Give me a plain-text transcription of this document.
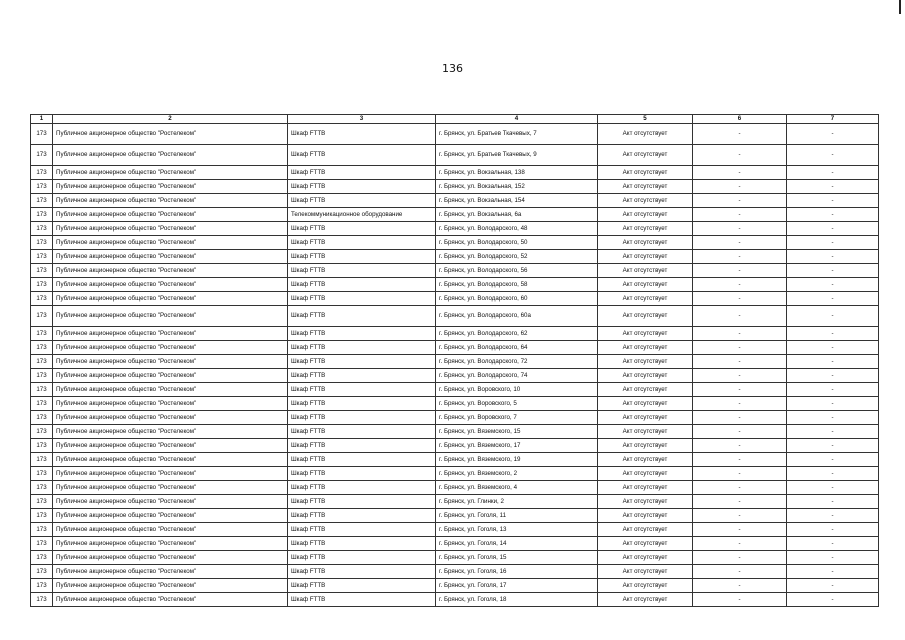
136
1	2	3	4	5	6	7
173	Публичное акционерное общество "Ростелеком"	Шкаф FTTB	г. Брянск, ул. Братьев Ткачевых, 7	Акт отсутствует	-	-
173	Публичное акционерное общество "Ростелеком"	Шкаф FTTB	г. Брянск, ул. Братьев Ткачевых, 9	Акт отсутствует	-	-
173	Публичное акционерное общество "Ростелеком"	Шкаф FTTB	г. Брянск, ул. Вокзальная, 138	Акт отсутствует	-	-
173	Публичное акционерное общество "Ростелеком"	Шкаф FTTB	г. Брянск, ул. Вокзальная, 152	Акт отсутствует	-	-
173	Публичное акционерное общество "Ростелеком"	Шкаф FTTB	г. Брянск, ул. Вокзальная, 154	Акт отсутствует	-	-
173	Публичное акционерное общество "Ростелеком"	Телекоммуникационное оборудование	г. Брянск, ул. Вокзальная, 6а	Акт отсутствует	-	-
173	Публичное акционерное общество "Ростелеком"	Шкаф FTTB	г. Брянск, ул. Володарского, 48	Акт отсутствует	-	-
173	Публичное акционерное общество "Ростелеком"	Шкаф FTTB	г. Брянск, ул. Володарского, 50	Акт отсутствует	-	-
173	Публичное акционерное общество "Ростелеком"	Шкаф FTTB	г. Брянск, ул. Володарского, 52	Акт отсутствует	-	-
173	Публичное акционерное общество "Ростелеком"	Шкаф FTTB	г. Брянск, ул. Володарского, 56	Акт отсутствует	-	-
173	Публичное акционерное общество "Ростелеком"	Шкаф FTTB	г. Брянск, ул. Володарского, 58	Акт отсутствует	-	-
173	Публичное акционерное общество "Ростелеком"	Шкаф FTTB	г. Брянск, ул. Володарского, 60	Акт отсутствует	-	-
173	Публичное акционерное общество "Ростелеком"	Шкаф FTTB	г. Брянск, ул. Володарского, 60а	Акт отсутствует	-	-
173	Публичное акционерное общество "Ростелеком"	Шкаф FTTB	г. Брянск, ул. Володарского, 62	Акт отсутствует	-	-
173	Публичное акционерное общество "Ростелеком"	Шкаф FTTB	г. Брянск, ул. Володарского, 64	Акт отсутствует	-	-
173	Публичное акционерное общество "Ростелеком"	Шкаф FTTB	г. Брянск, ул. Володарского, 72	Акт отсутствует	-	-
173	Публичное акционерное общество "Ростелеком"	Шкаф FTTB	г. Брянск, ул. Володарского, 74	Акт отсутствует	-	-
173	Публичное акционерное общество "Ростелеком"	Шкаф FTTB	г. Брянск, ул. Воровского, 10	Акт отсутствует	-	-
173	Публичное акционерное общество "Ростелеком"	Шкаф FTTB	г. Брянск, ул. Воровского, 5	Акт отсутствует	-	-
173	Публичное акционерное общество "Ростелеком"	Шкаф FTTB	г. Брянск, ул. Воровского, 7	Акт отсутствует	-	-
173	Публичное акционерное общество "Ростелеком"	Шкаф FTTB	г. Брянск, ул. Вяземского, 15	Акт отсутствует	-	-
173	Публичное акционерное общество "Ростелеком"	Шкаф FTTB	г. Брянск, ул. Вяземского, 17	Акт отсутствует	-	-
173	Публичное акционерное общество "Ростелеком"	Шкаф FTTB	г. Брянск, ул. Вяземского, 19	Акт отсутствует	-	-
173	Публичное акционерное общество "Ростелеком"	Шкаф FTTB	г. Брянск, ул. Вяземского, 2	Акт отсутствует	-	-
173	Публичное акционерное общество "Ростелеком"	Шкаф FTTB	г. Брянск, ул. Вяземского, 4	Акт отсутствует	-	-
173	Публичное акционерное общество "Ростелеком"	Шкаф FTTB	г. Брянск, ул. Глинки, 2	Акт отсутствует	-	-
173	Публичное акционерное общество "Ростелеком"	Шкаф FTTB	г. Брянск, ул. Гоголя, 11	Акт отсутствует	-	-
173	Публичное акционерное общество "Ростелеком"	Шкаф FTTB	г. Брянск, ул. Гоголя, 13	Акт отсутствует	-	-
173	Публичное акционерное общество "Ростелеком"	Шкаф FTTB	г. Брянск, ул. Гоголя, 14	Акт отсутствует	-	-
173	Публичное акционерное общество "Ростелеком"	Шкаф FTTB	г. Брянск, ул. Гоголя, 15	Акт отсутствует	-	-
173	Публичное акционерное общество "Ростелеком"	Шкаф FTTB	г. Брянск, ул. Гоголя, 16	Акт отсутствует	-	-
173	Публичное акционерное общество "Ростелеком"	Шкаф FTTB	г. Брянск, ул. Гоголя, 17	Акт отсутствует	-	-
173	Публичное акционерное общество "Ростелеком"	Шкаф FTTB	г. Брянск, ул. Гоголя, 18	Акт отсутствует	-	-
